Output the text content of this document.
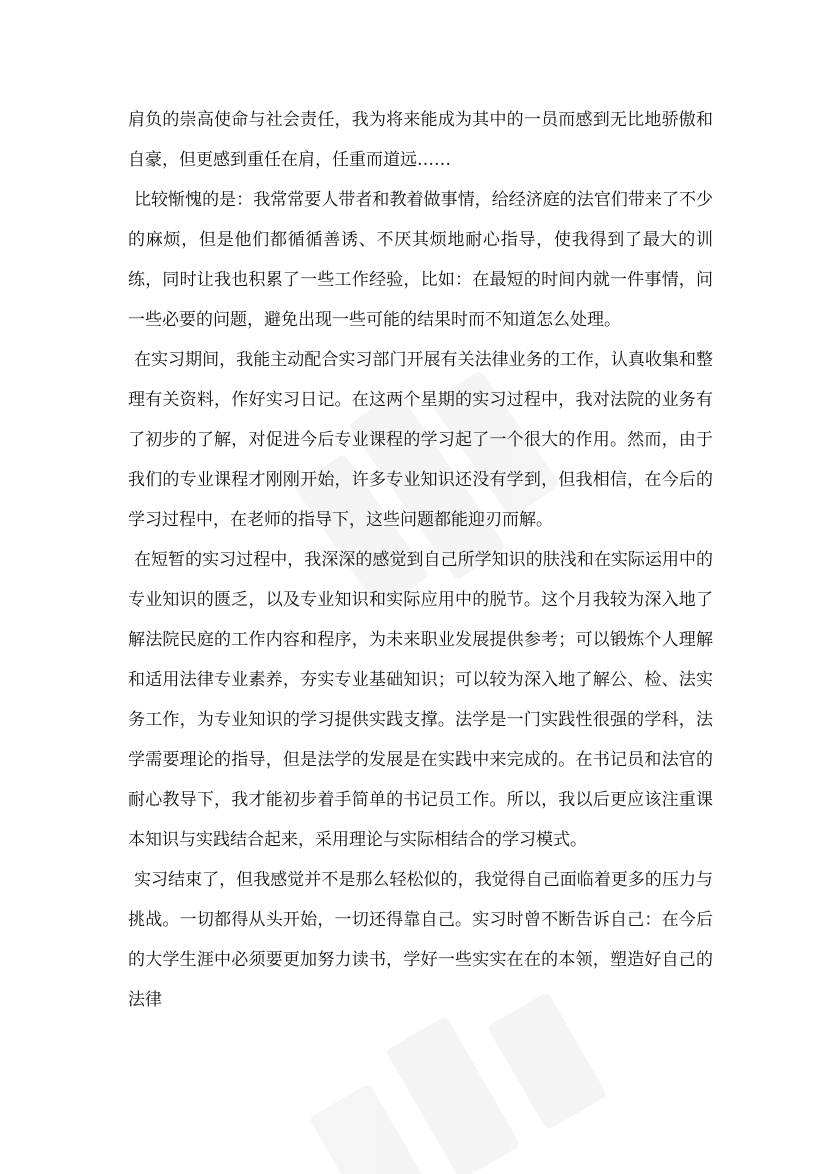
肩负的崇高使命与社会责任，我为将来能成为其中的一员而感到无比地骄傲和自豪，但更感到重任在肩，任重而道远……

比较惭愧的是：我常常要人带者和教着做事情，给经济庭的法官们带来了不少的麻烦，但是他们都循循善诱、不厌其烦地耐心指导，使我得到了最大的训练，同时让我也积累了一些工作经验，比如：在最短的时间内就一件事情，问一些必要的问题，避免出现一些可能的结果时而不知道怎么处理。

在实习期间，我能主动配合实习部门开展有关法律业务的工作，认真收集和整理有关资料，作好实习日记。在这两个星期的实习过程中，我对法院的业务有了初步的了解，对促进今后专业课程的学习起了一个很大的作用。然而，由于我们的专业课程才刚刚开始，许多专业知识还没有学到，但我相信，在今后的学习过程中，在老师的指导下，这些问题都能迎刃而解。

在短暂的实习过程中，我深深的感觉到自己所学知识的肤浅和在实际运用中的专业知识的匮乏，以及专业知识和实际应用中的脱节。这个月我较为深入地了解法院民庭的工作内容和程序，为未来职业发展提供参考；可以锻炼个人理解和适用法律专业素养，夯实专业基础知识；可以较为深入地了解公、检、法实务工作，为专业知识的学习提供实践支撑。法学是一门实践性很强的学科，法学需要理论的指导，但是法学的发展是在实践中来完成的。在书记员和法官的耐心教导下，我才能初步着手简单的书记员工作。所以，我以后更应该注重课本知识与实践结合起来，采用理论与实际相结合的学习模式。

实习结束了，但我感觉并不是那么轻松似的，我觉得自己面临着更多的压力与挑战。一切都得从头开始，一切还得靠自己。实习时曾不断告诉自己：在今后的大学生涯中必须要更加努力读书，学好一些实实在在的本领，塑造好自己的法律
